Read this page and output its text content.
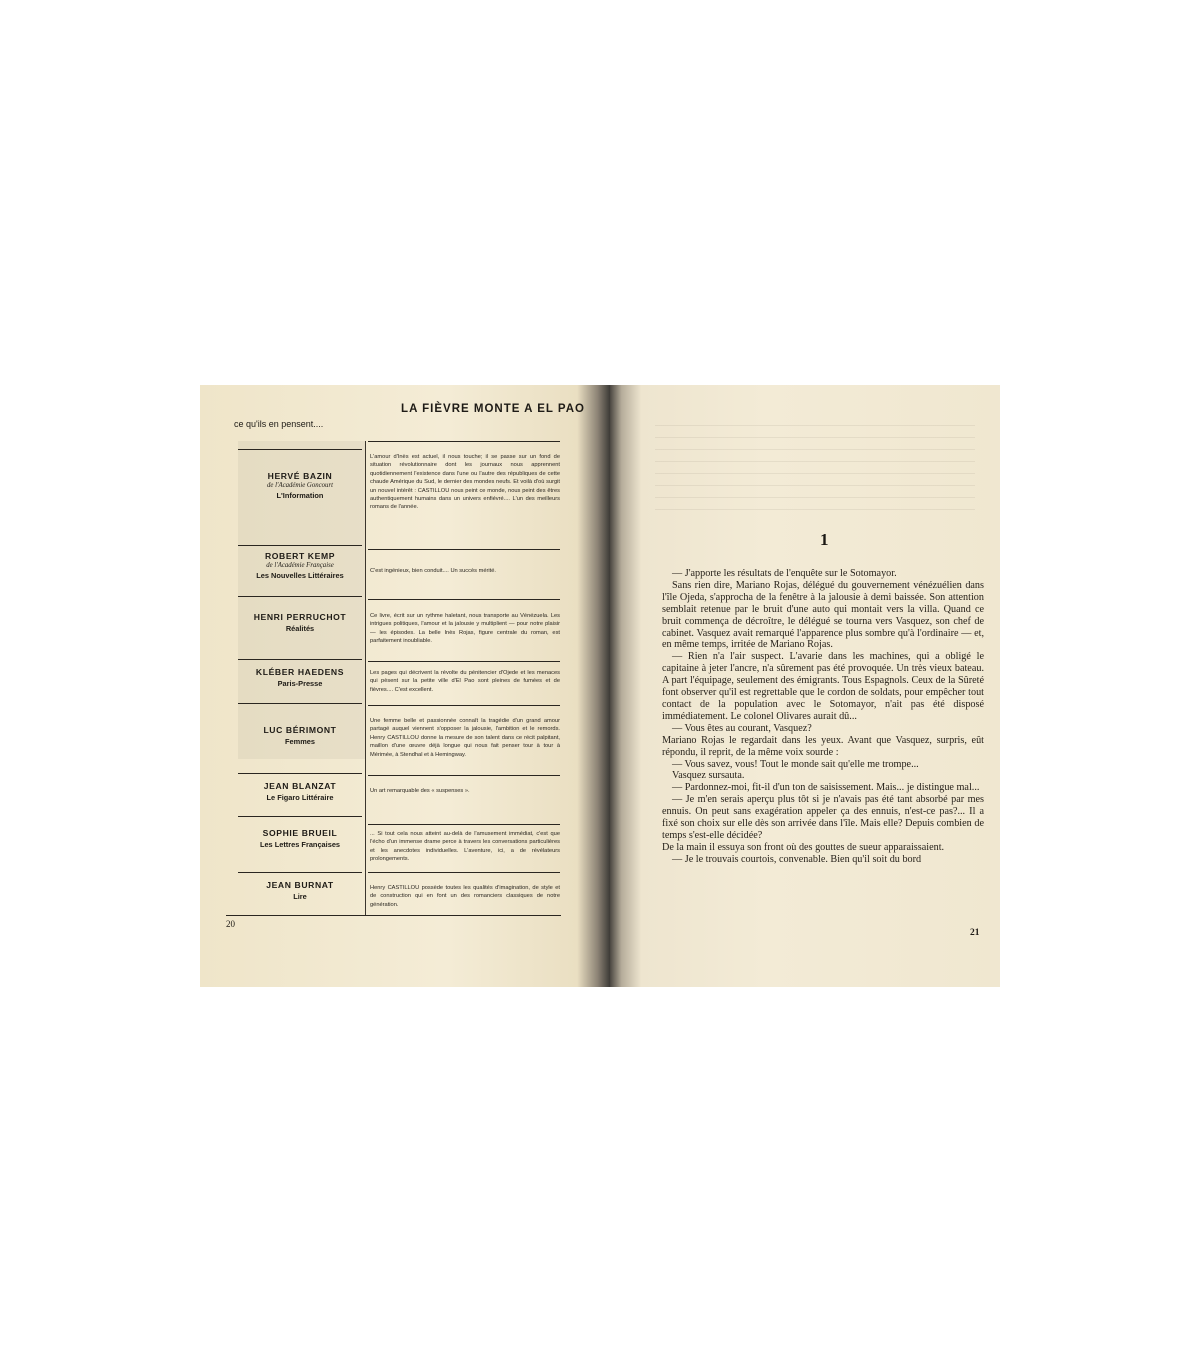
LA FIÈVRE MONTE A EL PAO
ce qu'ils en pensent....
HERVÉ BAZIN
de l'Académie Goncourt
L'Information
L'amour d'Inès est actuel, il nous touche; il se passe sur un fond de situation révolutionnaire dont les journaux nous apprennent quotidiennement l'existence dans l'une ou l'autre des républiques de cette chaude Amérique du Sud, le dernier des mondes neufs. Et voilà d'où surgit un nouvel intérêt : CASTILLOU nous peint ce monde, nous peint des êtres authentiquement humains dans un univers enfiévré.... L'un des meilleurs romans de l'année.
ROBERT KEMP
de l'Académie Française
Les Nouvelles Littéraires	C'est ingénieux, bien conduit.... Un succès mérité.
HENRI PERRUCHOT
Réalités
Ce livre, écrit sur un rythme haletant, nous transporte au Vénézuela. Les intrigues politiques, l'amour et la jalousie y multiplient — pour notre plaisir — les épisodes. La belle Inès Rojas, figure centrale du roman, est parfaitement inoubliable.
KLÉBER HAEDENS
Paris-Presse
Les pages qui décrivent la révolte du pénitencier d'Ojede et les menaces qui pèsent sur la petite ville d'El Pao sont pleines de fumées et de fièvres.... C'est excellent.
LUC BÉRIMONT
Femmes
Une femme belle et passionnée connaît la tragédie d'un grand amour partagé auquel viennent s'opposer la jalousie, l'ambition et le remords. Henry CASTILLOU donne la mesure de son talent dans ce récit palpitant, maillon d'une œuvre déjà longue qui nous fait penser tour à tour à Mérimée, à Stendhal et à Hemingway.
JEAN BLANZAT
Le Figaro Littéraire
Un art remarquable des « suspenses ».
SOPHIE BRUEIL
Les Lettres Françaises
... Si tout cela nous atteint au-delà de l'amusement immédiat, c'est que l'écho d'un immense drame perce à travers les conversations particulières et les anecdotes individuelles. L'aventure, ici, a de révélateurs prolongements.
JEAN BURNAT
Lire
Henry CASTILLOU possède toutes les qualités d'imagination, de style et de construction qui en font un des romanciers classiques de notre génération.
20
1

— J'apporte les résultats de l'enquête sur le Sotomayor.

Sans rien dire, Mariano Rojas, délégué du gouvernement vénézuélien dans l'île Ojeda, s'approcha de la fenêtre à la jalousie à demi baissée. Son attention semblait retenue par le bruit d'une auto qui montait vers la villa. Quand ce bruit commença de décroître, le délégué se tourna vers Vasquez, son chef de cabinet. Vasquez avait remarqué l'apparence plus sombre qu'à l'ordinaire — et, en même temps, irritée de Mariano Rojas.

— Rien n'a l'air suspect. L'avarie dans les machines, qui a obligé le capitaine à jeter l'ancre, n'a sûrement pas été provoquée. Un très vieux bateau. A part l'équipage, seulement des émigrants. Tous Espagnols. Ceux de la Sûreté font observer qu'il est regrettable que le cordon de soldats, pour empêcher tout contact de la population avec le Sotomayor, n'ait pas été disposé immédiatement. Le colonel Olivares aurait dû...

— Vous êtes au courant, Vasquez?

Mariano Rojas le regardait dans les yeux. Avant que Vasquez, surpris, eût répondu, il reprit, de la même voix sourde :

— Vous savez, vous! Tout le monde sait qu'elle me trompe...

Vasquez sursauta.

— Pardonnez-moi, fit-il d'un ton de saisissement. Mais... je distingue mal...

— Je m'en serais aperçu plus tôt si je n'avais pas été tant absorbé par mes ennuis. On peut sans exagération appeler ça des ennuis, n'est-ce pas?... Il a fixé son choix sur elle dès son arrivée dans l'île. Mais elle? Depuis combien de temps s'est-elle décidée?

De la main il essuya son front où des gouttes de sueur apparaissaient.

— Je le trouvais courtois, convenable. Bien qu'il soit du bord

21
